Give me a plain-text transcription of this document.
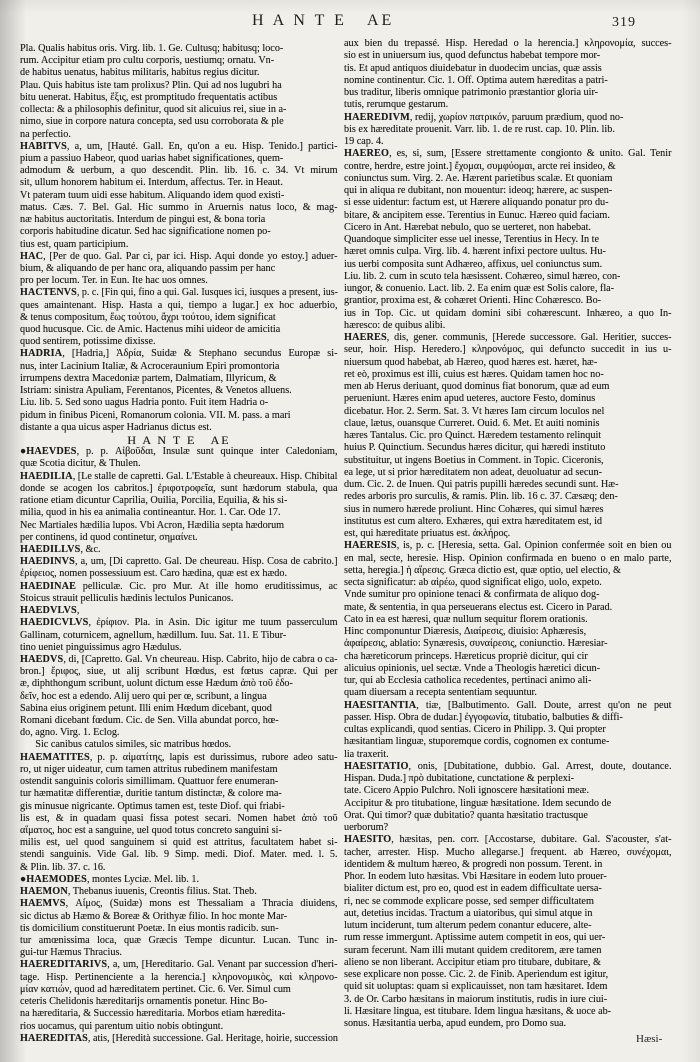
H A N T E   AE	319
Pla. Qualis habitus oris. Virg. lib. 1. Ge. Cultusq; habitusq; loco-
rum. Accipitur etiam pro cultu corporis, uestiumq; ornatu. Vn-
de habitus uenatus, habitus militaris, habitus regius dicitur.
Plau. Quis habitus iste tam prolixus? Plin. Qui ad nos lugubri ha
bitu uenerat. Habitus, ἕξις, est promptitudo frequentatis actibus
collecta: & a philosophis definitur, quod sit alicuius rei, siue in a-
nimo, siue in corpore natura concepta, sed usu corroborata & ple
na perfectio.
HABITVS, a, um, [Hauté. Gall. En, qu'on a eu. Hisp. Tenido.] partici-
pium a passiuo Habeor, quod uarias habet significationes, quem-
admodum & uerbum, a quo descendit. Plin. lib. 16. c. 34. Vt mirum
sit, ullum honorem habitum ei. Interdum, affectus. Ter. in Heaut.
Vt pateram tuum uidi esse habitum. Aliquando idem quod existi-
matus. Cæs. 7. Bel. Gal. Hic summo in Aruernis natus loco, & mag-
næ habitus auctoritatis. Interdum de pingui est, & bona toria
corporis habitudine dicatur. Sed hac significatione nomen po-
tius est, quam participium.
HAC, [Per de quo. Gal. Par ci, par ici. Hisp. Aqui donde yo estoy.] aduer-
bium, & aliquando de per hanc ora, aliquando passim per hanc
pro per locum. Ter. in Eun. Ite hac uos omnes.
HACTENVS, p. c. [Fin qui, fino a qui. Gal. Iusques ici, iusques a present, ius-
ques amaintenant. Hisp. Hasta a qui, tiempo a lugar.] ex hoc aduerbio,
& tenus compositum, ἕως τούτου, ἄχρι τούτου, idem significat
quod hucusque. Cic. de Amic. Hactenus mihi uideor de amicitia
quod sentirem, potissime dixisse.
HADRIA, [Hadria,] Ἀδρία, Suidæ & Stephano secundus Europæ si-
nus, inter Lacinium Italiæ, & Acroceraunium Epiri promontoria
irrumpens dextra Macedoniæ partem, Dalmatiam, Illyricum, &
Istriam: sinistra Apuliam, Ferentanos, Picentes, & Venetos alluens.
Liu. lib. 5. Sed sono uagus Hadria ponto. Fuit item Hadria o-
pidum in finibus Piceni, Romanorum colonia. VII. M. pass. a mari
distante a qua uicus asper Hadrianus dictus est.
H A N T E   AE
●HAEVDES, p. p. Αἰβοῦδαι, Insulæ sunt quinque inter Caledoniam,
quæ Scotia dicitur, & Thulen.
HAEDILIA, [Le stalle de capretti. Gal. L'Estable à cheureaux. Hisp. Chibital
donde se acogen los cabritos.] ἐριφοτροφεῖα, sunt hædorum stabula, qua
ratione etiam dicuntur Caprilia, Ouilia, Porcilia, Equilia, & his si-
milia, quod in his ea animalia contineantur. Hor. 1. Car. Ode 17.
Nec Martiales hædilia lupos. Vbi Acron, Hædilia septa hædorum
per continens, id quod continetur, σημαίνει.
HAEDILLVS, &c.
HAEDINVS, a, um, [Di capretto. Gal. De cheureau. Hisp. Cosa de cabrito.]
ἐρίφειος, nomen possessiuum est. Caro hædina, quæ est ex hædo.
HAEDINAE pelliculæ. Cic. pro Mur. At ille homo eruditissimus, ac
Stoicus strauit pelliculis hædinis lectulos Punicanos.
HAEDVLVS,
HAEDICVLVS, ἐρίφιον. Pla. in Asin. Dic igitur me tuum passerculum
Gallinam, coturnicem, agnellum, hædillum. Iuu. Sat. 11. E Tibur-
tino ueniet pinguissimus agro Hædulus.
HAEDVS, di, [Capretto. Gal. Vn cheureau. Hisp. Cabrito, hijo de cabra o ca-
bron.] ἔριφος, siue, ut alij scribunt Hœdus, est fœtus capræ. Qui per
æ, diphthongum scribunt, uolunt dictum esse Hædum ἀπὸ τοῦ ἐδο-
δεῖν, hoc est a edendo. Alij uero qui per œ, scribunt, a lingua
Sabina eius originem petunt. Illi enim Hœdum dicebant, quod
Romani dicebant fœdum. Cic. de Sen. Villa abundat porco, hœ-
do, agno. Virg. 1. Eclog.
Sic canibus catulos similes, sic matribus hœdos.
HAEMATITES, p. p. αἱματίτης, lapis est durissimus, rubore adeo satu-
ro, ut niger uideatur, cum tamen attritus rubedinem manifestam
ostendit sanguinis coloris simillimam. Quattuor fere enumeran-
tur hæmatitæ differentiæ, duritie tantum distinctæ, & colore ma-
gis minusue nigricante. Optimus tamen est, teste Diof. qui friabi-
lis est, & in quadam quasi fissa potest secari. Nomen habet ἀπὸ τοῦ
αἵματος, hoc est a sanguine, uel quod totus concreto sanguini si-
milis est, uel quod sanguinem si quid est attritus, facultatem habet si-
stendi sanguinis. Vide Gal. lib. 9 Simp. medi. Diof. Mater. med. l. 5.
& Plin. lib. 37. c. 16.
●HAEMODES, montes Lyciæ. Mel. lib. 1.
HAEMON, Thebanus iuuenis, Creontis filius. Stat. Theb.
HAEMVS, Αἷμος, (Suidæ) mons est Thessaliam a Thracia diuidens,
sic dictus ab Hæmo & Boreæ & Orithyæ filio. In hoc monte Mar-
tis domicilium constituerunt Poetæ. In eius montis radicib. sun-
tur amœnissima loca, quæ Græcis Tempe dicuntur. Lucan. Tunc in-
gui-tur Hæmus Thracius.
HAEREDITARIVS, a, um, [Hereditario. Gal. Venant par succession d'heri-
tage. Hisp. Pertinenciente a la herencia.] κληρονομικὸς, καὶ κληρονο-
μίαν κατιών, quod ad hæreditatem pertinet. Cic. 6. Ver. Simul cum
ceteris Chelidonis hæreditarijs ornamentis ponetur. Hinc Bo-
na hæreditaria, & Successio hæreditaria. Morbos etiam hæredita-
rios uocamus, qui parentum uitio nobis obtingunt.
HAEREDITAS, atis, [Heredità successione. Gal. Heritage, hoirie, succession
aux bien du trepassé. Hisp. Heredad o la herencia.] κληρονομία, succes-
sio est in uniuersum ius, quod defunctus habebat tempore mor-
tis. Et apud antiquos diuidebatur in duodecim uncias, quæ assis
nomine continentur. Cic. 1. Off. Optima autem hæreditas a patri-
bus traditur, liberis omnique patrimonio præstantior gloria uir-
tutis, rerumque gestarum.
HAEREDIVM, redij, χωρίον πατρικόν, paruum prædium, quod no-
bis ex hæreditate prouenit. Varr. lib. 1. de re rust. cap. 10. Plin. lib.
19 cap. 4.
HAEREO, es, si, sum, [Essere strettamente congionto & unito. Gal. Tenir
contre, herdre, estre joint.] ἔχομαι, συμφύομαι, arcte rei insideo, &
coniunctus sum. Virg. 2. Ae. Hærent parietibus scalæ. Et quoniam
qui in aliqua re dubitant, non mouentur: ideoq; hærere, ac suspen-
si esse uidentur: factum est, ut Hærere aliquando ponatur pro du-
bitare, & ancipitem esse. Terentius in Eunuc. Hæreo quid faciam.
Cicero in Ant. Hærebat nebulo, quo se uerteret, non habebat.
Quandoque simpliciter esse uel inesse, Terentius in Hecy. In te
hæret omnis culpa. Virg. lib. 4. hærent infixi pectore uultus. Hu-
ius uerbi composita sunt Adhæreo, affixus, uel coniunctus sum.
Liu. lib. 2. cum in scuto tela hæsissent. Cohæreo, simul hæreo, con-
iungor, & conuenio. Lact. lib. 2. Ea enim quæ est Solis calore, fla-
grantior, proxima est, & cohæret Orienti. Hinc Cohæresco. Bo-
ius in Top. Cic. ut quidam domini sibi cohærescunt. Inhæreo, a quo In-
hæresco: de quibus alibi.
HAERES, dis, gener. communis, [Herede successore. Gal. Heritier, succes-
seur, hoir. Hisp. Heredero.] κληρονόμος, qui defuncto succedit in ius u-
niuersum quod habebat, ab Hæreo, quod hæres est. hæret, hæ-
ret eò, proximus est illi, cuius est hæres. Quidam tamen hoc no-
men ab Herus deriuant, quod dominus fiat bonorum, quæ ad eum
perueniunt. Hæres enim apud ueteres, auctore Festo, dominus
dicebatur. Hor. 2. Serm. Sat. 3. Vt hæres Iam circum loculos nel
claue, lætus, ouansque Curreret. Ouid. 6. Met. Et auiti nominis
hæres Tantalus. Cic. pro Quinct. Hæredem testamento relinquit
huius P. Quinctium. Secundus hæres dicitur, qui hæredi instituto
substituitur, ut ingens Boetius in Comment. in Topic. Ciceronis,
ea lege, ut si prior hæreditatem non adeat, deuoluatur ad secun-
dum. Cic. 2. de Inuen. Qui patris pupilli hæredes secundi sunt. Hæ-
redes arboris pro surculis, & ramis. Plin. lib. 16 c. 37. Cæsæq; den-
sius in numero hærede proliunt. Hinc Cohæres, qui simul hæres
institutus est cum altero. Exhæres, qui extra hæreditatem est, id
est, qui hæreditate priuatus est. ἀκλήρος.
HAERESIS, is, p. c. [Heresia, setta. Gal. Opinion confermée soit en bien ou
en mal, secte, heresie. Hisp. Opinion confirmada en bueno o en malo parte,
setta, heregia.] ἡ αἵρεσις. Græca dictio est, quæ optio, uel electio, &
secta significatur: ab αἱρέω, quod significat eligo, uolo, expeto.
Vnde sumitur pro opinione tenaci & confirmata de aliquo dog-
mate, & sententia, in qua perseuerans electus est. Cicero in Parad.
Cato in ea est hæresi, quæ nullum sequitur florem orationis.
Hinc componuntur Diæresis, Διαίρεσις, diuisio: Aphæresis,
ἀφαίρεσις, ablatio: Synæresis, συναίρεσις, coniunctio. Hæresiar-
cha hæreticorum princeps. Hæreticus propriè dicitur, qui cir
alicuius opinionis, uel sectæ. Vnde a Theologis hæretici dicun-
tur, qui ab Ecclesia catholica recedentes, pertinaci animo ali-
quam diuersam a recepta sententiam sequuntur.
HAESITANTIA, tiæ, [Balbutimento. Gall. Doute, arrest qu'on ne peut
passer. Hisp. Obra de dudar.] ἐγγοφωνία, titubatio, balbuties & diffi-
cultas explicandi, quod sentias. Cicero in Philipp. 3. Qui propter
hæsitantiam linguæ, stuporemque cordis, cognomen ex contume-
lia traxerit.
HAESITATIO, onis, [Dubitatione, dubbio. Gal. Arrest, doute, doutance.
Hispan. Duda.] πρὸ dubitatione, cunctatione & perplexi-
tate. Cicero Appio Pulchro. Noli ignoscere hæsitationi meæ.
Accipitur & pro titubatione, linguæ hæsitatione. Idem secundo de
Orat. Qui timor? quæ dubitatio? quanta hæsitatio tractusque
uerborum?
HAESITO, hæsitas, pen. corr. [Accostarse, dubitare. Gal. S'acouster, s'at-
tacher, arrester. Hisp. Mucho allegarse.] frequent. ab Hæreo, συνέχομαι,
identidem & multum hæreo, & progredi non possum. Terent. in
Phor. In eodem luto hæsitas. Vbi Hæsitare in eodem luto prouer-
bialiter dictum est, pro eo, quod est in eadem difficultate uersa-
ri, nec se commode explicare posse, sed semper difficultatem
aut, detetius incidas. Tractum a uiatoribus, qui simul atque in
lutum inciderunt, tum alterum pedem conantur educere, alte-
rum resse immergunt. Aptissime autem competit in eos, qui uer-
suram fecerunt. Nam illi mutant quidem creditorem, ære tamen
alieno se non liberant. Accipitur etiam pro titubare, dubitare, &
sese explicare non posse. Cic. 2. de Finib. Aperiendum est igitur,
quid sit uoluptas: quam si explicauisset, non tam hæsitaret. Idem
3. de Or. Carbo hæsitans in maiorum institutis, rudis in iure ciui-
li. Hæsitare lingua, est titubare. Idem lingua hæsitans, & uoce ab-
sonus. Hæsitantia uerba, apud eundem, pro Domo sua.
Hæsi-
